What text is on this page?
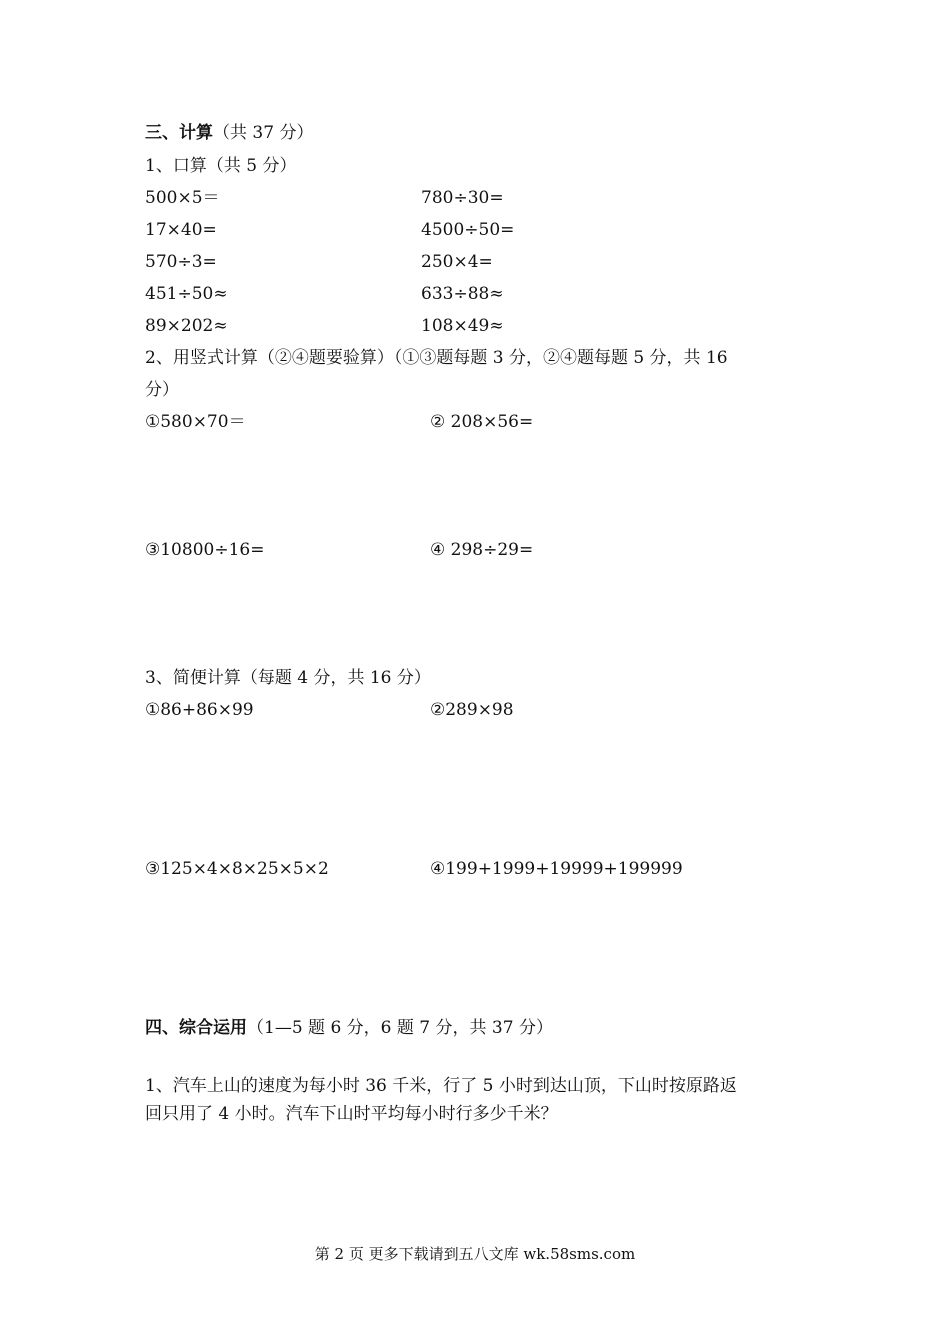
三、计算（共 37 分）
1、口算（共 5 分）
500×5＝	780÷30=
17×40=	4500÷50=
570÷3=	250×4=
451÷50≈	633÷88≈
89×202≈	108×49≈
2、用竖式计算（②④题要验算）（①③题每题 3 分，②④题每题 5 分，共 16
分）
①580×70＝	② 208×56=
③10800÷16=	④ 298÷29=
3、简便计算（每题 4 分，共 16 分）
①86+86×99	②289×98
③125×4×8×25×5×2	④199+1999+19999+199999
四、综合运用（1—5 题 6 分，6 题 7 分，共 37 分）
1、汽车上山的速度为每小时 36 千米，行了 5 小时到达山顶，下山时按原路返
回只用了 4 小时。汽车下山时平均每小时行多少千米？
第 2 页 更多下载请到五八文库 wk.58sms.com
